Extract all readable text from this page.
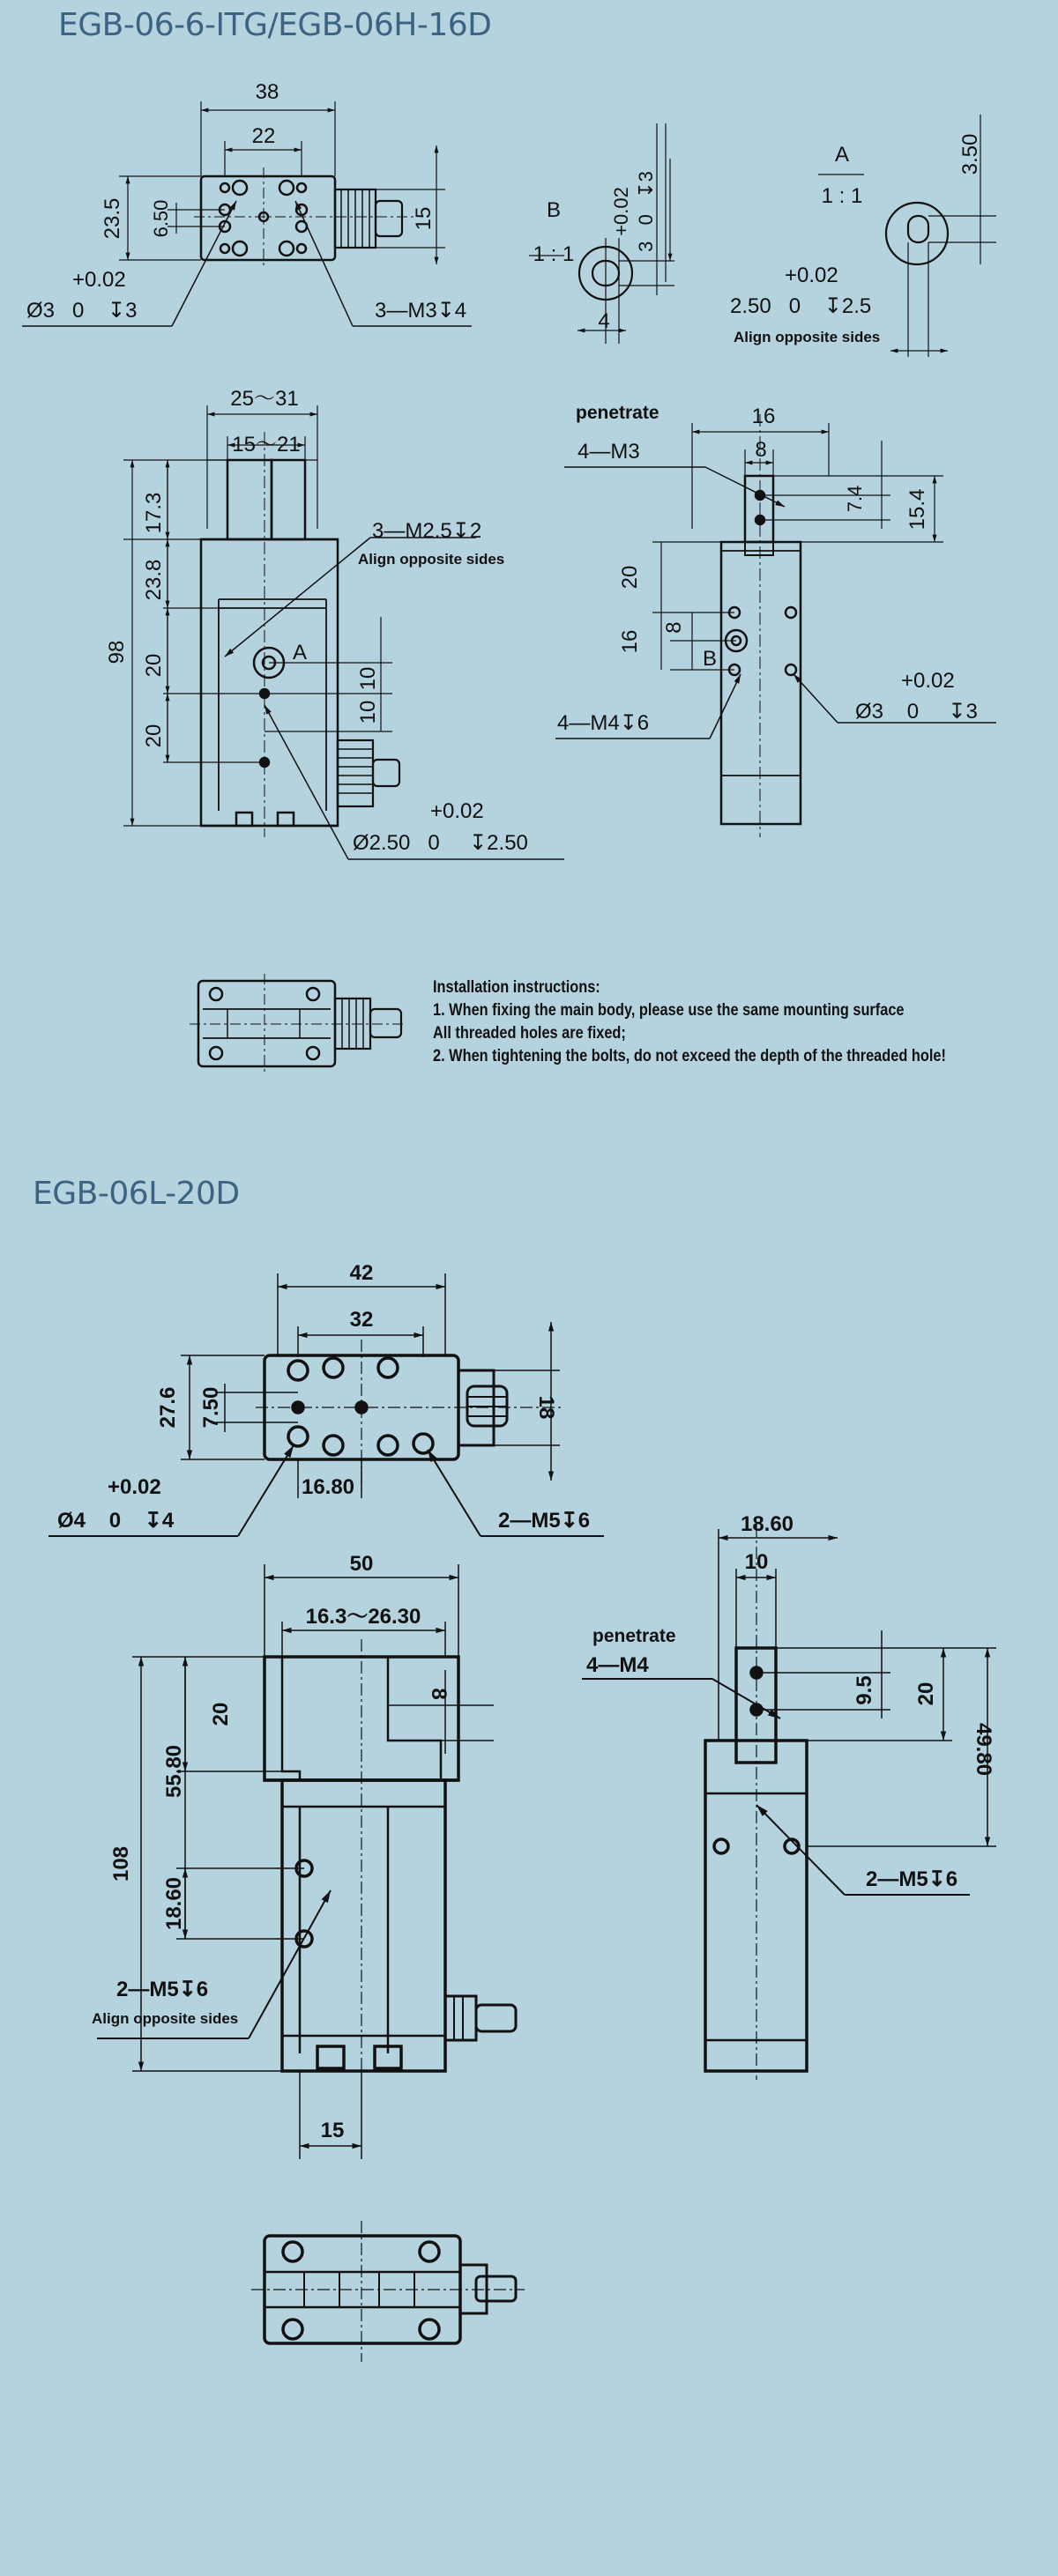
EGB-06-6-ITG/EGB-06H-16D
EGB-06L-20D
38
22
23.5 6.50	15
+0.02
Ø3   0    ↧3	3—M3↧4
B
1 : 1
+0.02 3   0   ↧3
4
A
1 : 1
3.50
+0.02
2.50   0    ↧2.5
Align opposite sides
25～31
15～21
17.3
23.8
20
20
98
10
10
A
3—M2.5↧2
Align opposite sides
+0.02
Ø2.50   0     ↧2.50
penetrate
4—M3
16
8
7.4 15.4
20
16
8
B
4—M4↧6
+0.02
Ø3    0     ↧3
42
32
27.6 7.50
16.80
18
+0.02
Ø4    0    ↧4	2—M5↧6
50
16.3～26.30
20
8
55.80
108
18.60
2—M5↧6
Align opposite sides
15
18.60
10
penetrate
4—M4
9.5 20
49.80
2—M5↧6
Installation instructions:
1. When fixing the main body, please use the same mounting surface
All threaded holes are fixed;
2. When tightening the bolts, do not exceed the depth of the threaded hole!
